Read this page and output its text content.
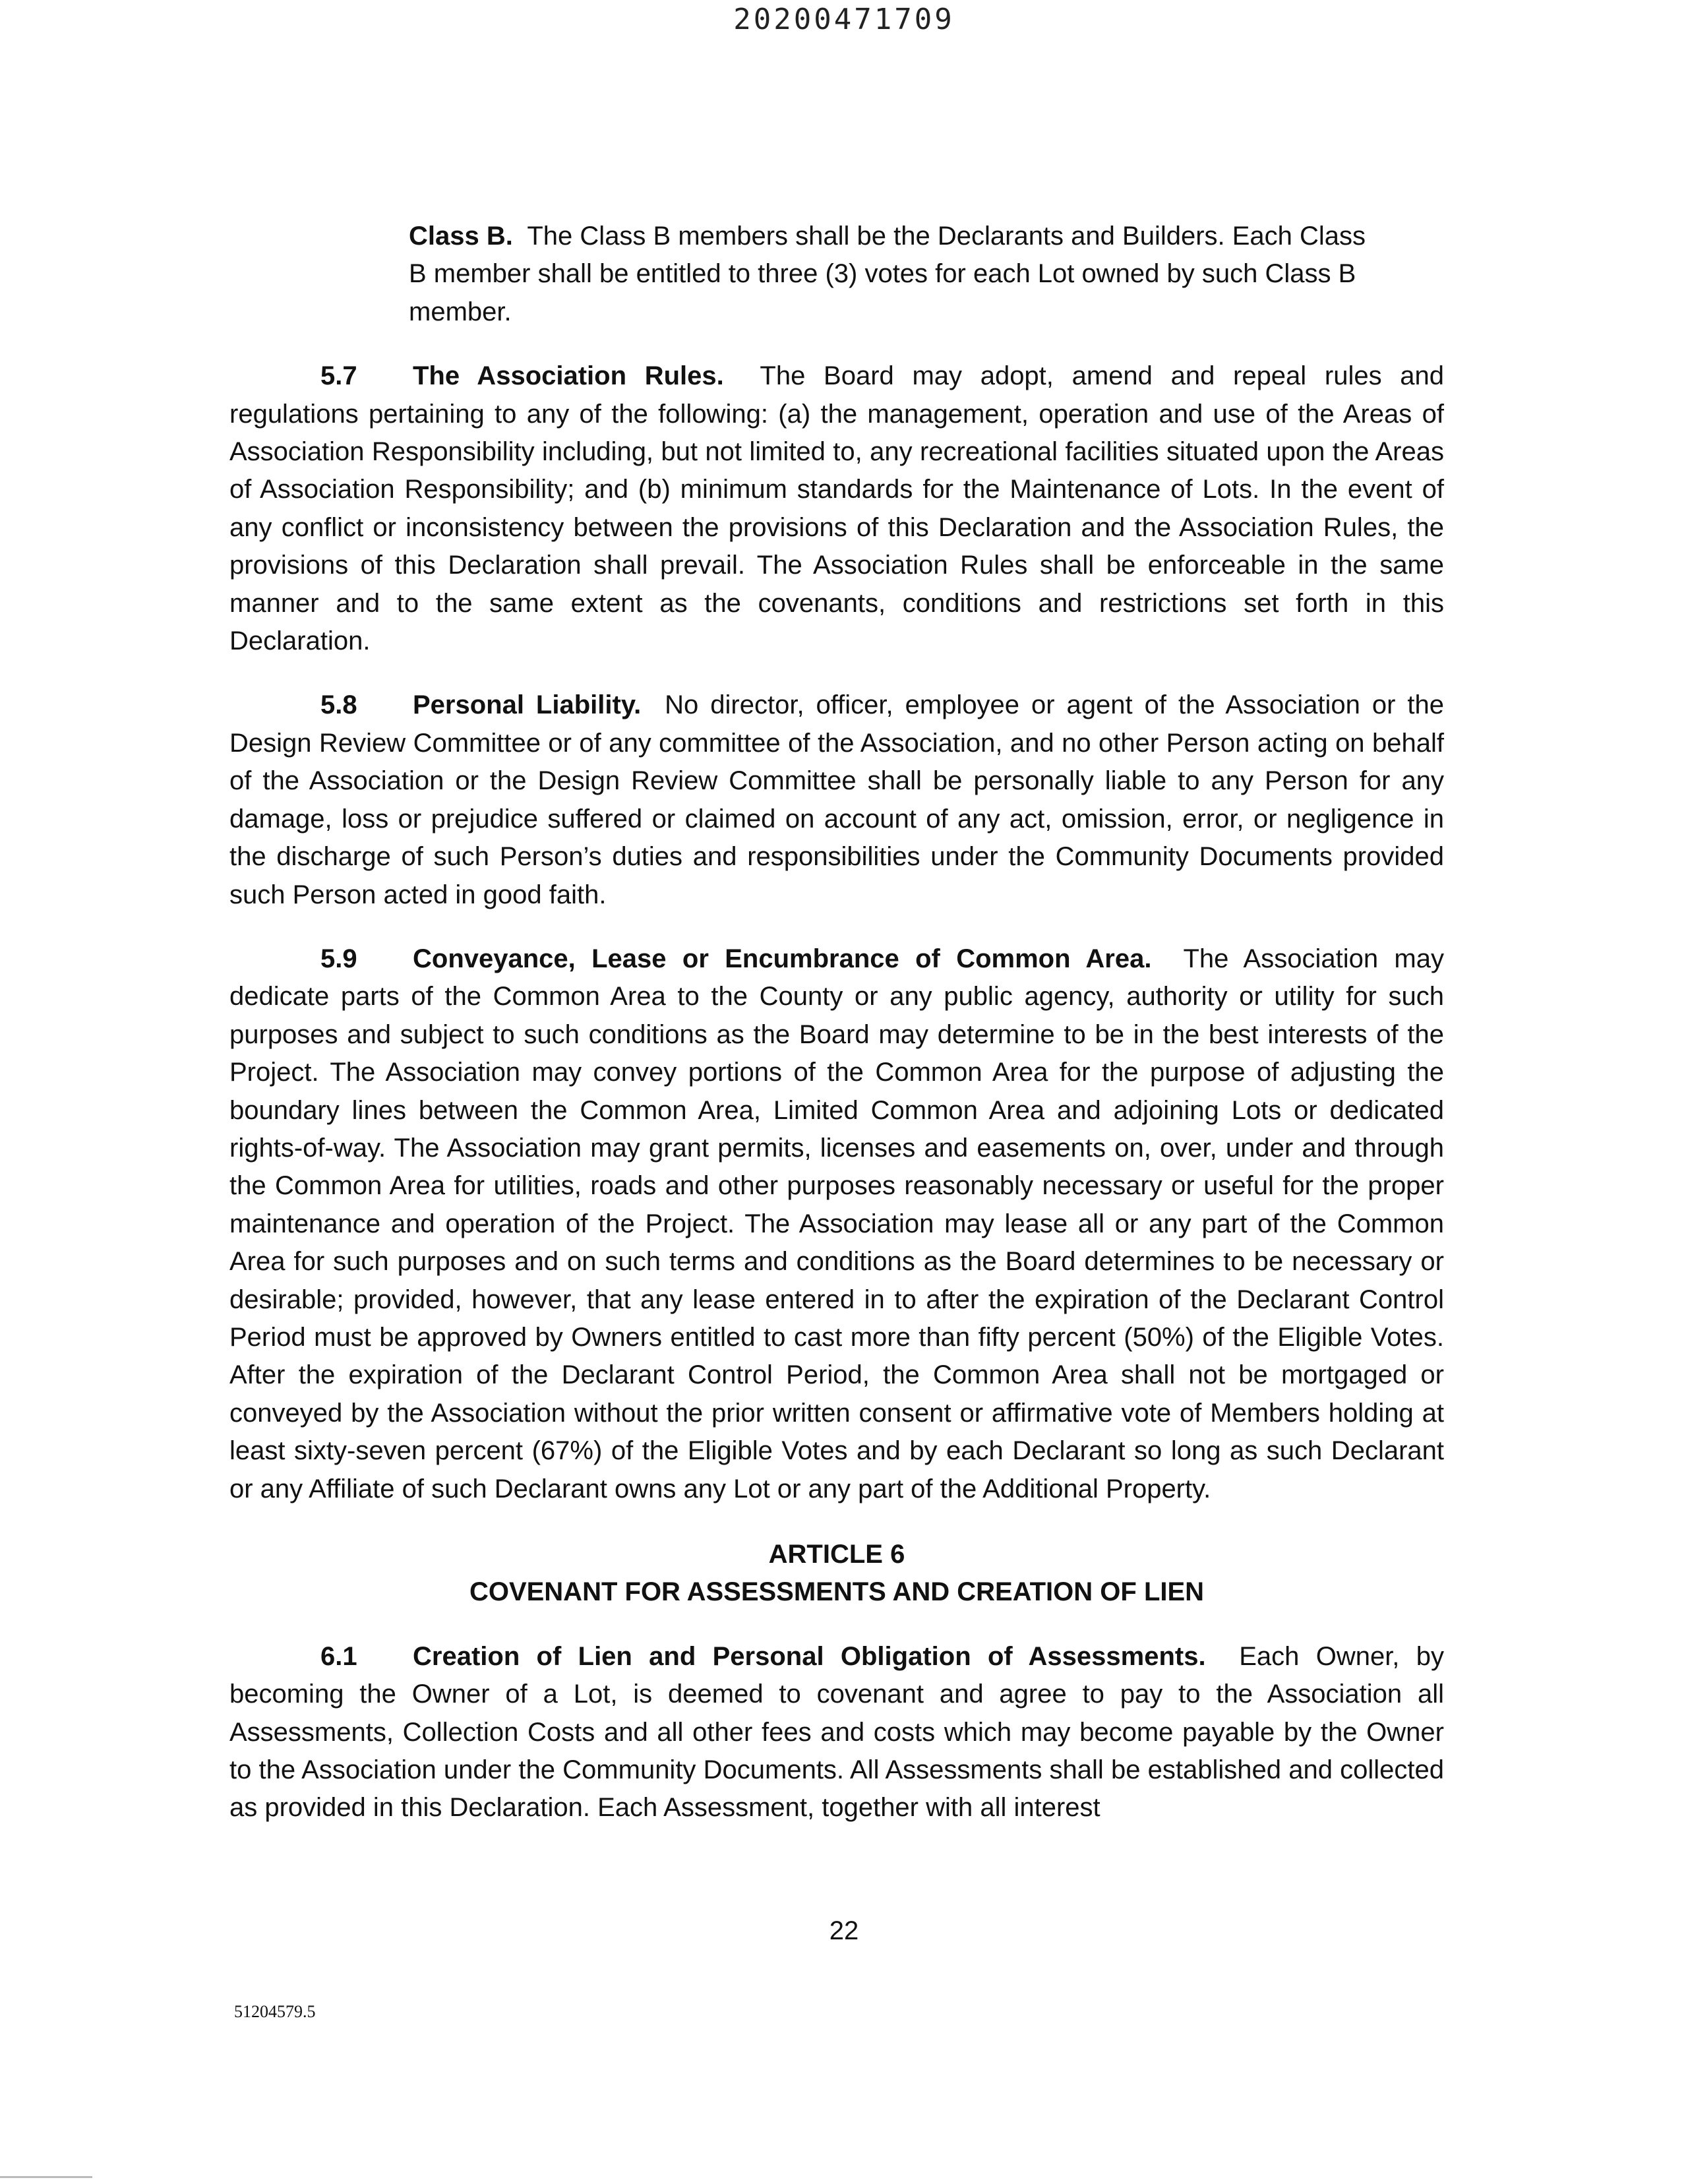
20200471709

Class B. The Class B members shall be the Declarants and Builders. Each Class B member shall be entitled to three (3) votes for each Lot owned by such Class B member.

5.7 The Association Rules. The Board may adopt, amend and repeal rules and regulations pertaining to any of the following: (a) the management, operation and use of the Areas of Association Responsibility including, but not limited to, any recreational facilities situated upon the Areas of Association Responsibility; and (b) minimum standards for the Maintenance of Lots. In the event of any conflict or inconsistency between the provisions of this Declaration and the Association Rules, the provisions of this Declaration shall prevail. The Association Rules shall be enforceable in the same manner and to the same extent as the covenants, conditions and restrictions set forth in this Declaration.

5.8 Personal Liability. No director, officer, employee or agent of the Association or the Design Review Committee or of any committee of the Association, and no other Person acting on behalf of the Association or the Design Review Committee shall be personally liable to any Person for any damage, loss or prejudice suffered or claimed on account of any act, omission, error, or negligence in the discharge of such Person’s duties and responsibilities under the Community Documents provided such Person acted in good faith.

5.9 Conveyance, Lease or Encumbrance of Common Area. The Association may dedicate parts of the Common Area to the County or any public agency, authority or utility for such purposes and subject to such conditions as the Board may determine to be in the best interests of the Project. The Association may convey portions of the Common Area for the purpose of adjusting the boundary lines between the Common Area, Limited Common Area and adjoining Lots or dedicated rights-of-way. The Association may grant permits, licenses and easements on, over, under and through the Common Area for utilities, roads and other purposes reasonably necessary or useful for the proper maintenance and operation of the Project. The Association may lease all or any part of the Common Area for such purposes and on such terms and conditions as the Board determines to be necessary or desirable; provided, however, that any lease entered in to after the expiration of the Declarant Control Period must be approved by Owners entitled to cast more than fifty percent (50%) of the Eligible Votes. After the expiration of the Declarant Control Period, the Common Area shall not be mortgaged or conveyed by the Association without the prior written consent or affirmative vote of Members holding at least sixty-seven percent (67%) of the Eligible Votes and by each Declarant so long as such Declarant or any Affiliate of such Declarant owns any Lot or any part of the Additional Property.

ARTICLE 6

COVENANT FOR ASSESSMENTS AND CREATION OF LIEN

6.1 Creation of Lien and Personal Obligation of Assessments. Each Owner, by becoming the Owner of a Lot, is deemed to covenant and agree to pay to the Association all Assessments, Collection Costs and all other fees and costs which may become payable by the Owner to the Association under the Community Documents. All Assessments shall be established and collected as provided in this Declaration. Each Assessment, together with all interest

22
51204579.5
